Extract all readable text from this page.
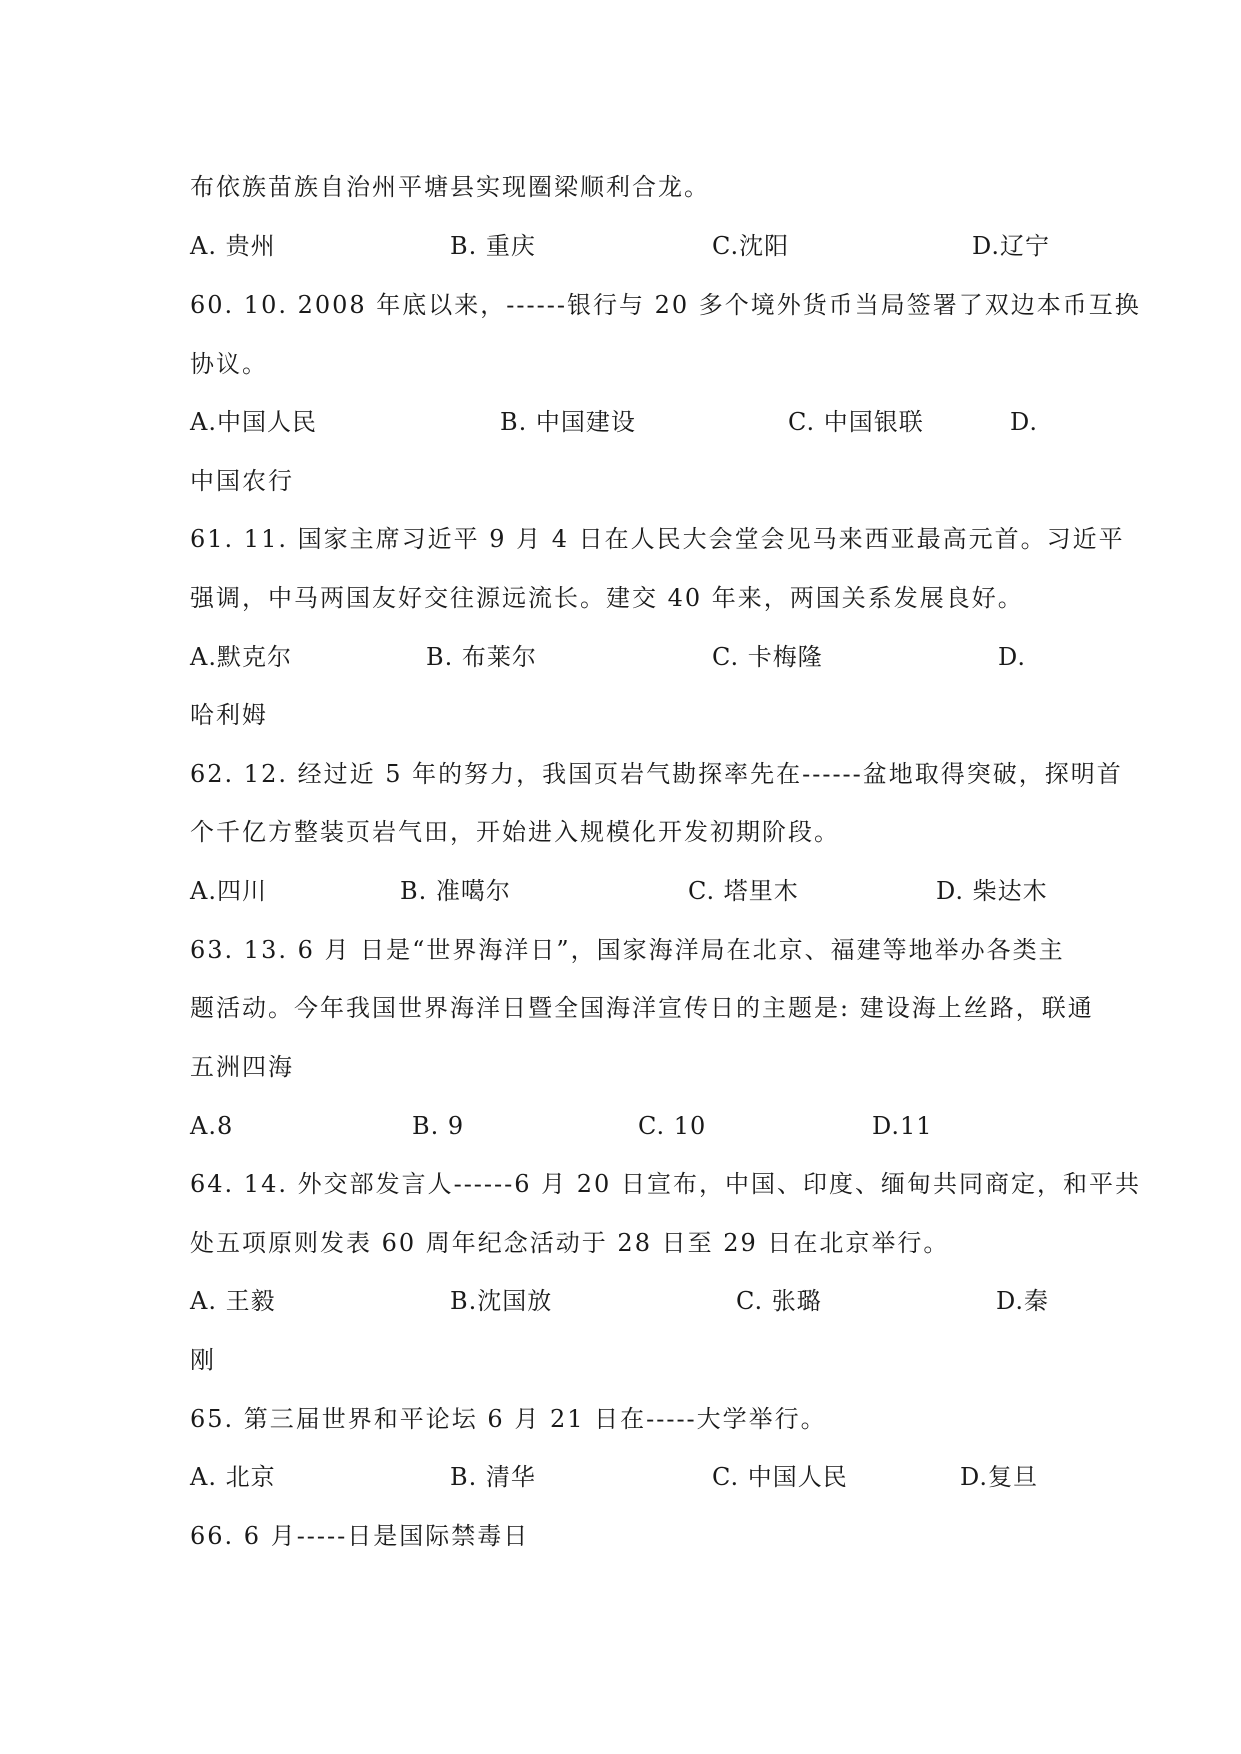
布依族苗族自治州平塘县实现圈梁顺利合龙。
A. 贵州	B. 重庆	C.沈阳	D.辽宁
60. 10. 2008 年底以来，------银行与 20 多个境外货币当局签署了双边本币互换
协议。
A.中国人民	B. 中国建设	C. 中国银联	D.
中国农行
61. 11. 国家主席习近平 9 月 4 日在人民大会堂会见马来西亚最高元首。习近平
强调，中马两国友好交往源远流长。建交 40 年来，两国关系发展良好。
A.默克尔	B. 布莱尔	C. 卡梅隆	D.
哈利姆
62. 12. 经过近 5 年的努力，我国页岩气勘探率先在------盆地取得突破，探明首
个千亿方整装页岩气田，开始进入规模化开发初期阶段。
A.四川	B. 准噶尔	C. 塔里木	D. 柴达木
63. 13. 6 月 日是“世界海洋日”，国家海洋局在北京、福建等地举办各类主
题活动。今年我国世界海洋日暨全国海洋宣传日的主题是: 建设海上丝路，联通
五洲四海
A.8	B. 9	C. 10	D.11
64. 14. 外交部发言人------6 月 20 日宣布，中国、印度、缅甸共同商定，和平共
处五项原则发表 60 周年纪念活动于 28 日至 29 日在北京举行。
A. 王毅	B.沈国放	C. 张璐	D.秦
刚
65. 第三届世界和平论坛 6 月 21 日在-----大学举行。
A. 北京	B. 清华	C. 中国人民	D.复旦
66. 6 月-----日是国际禁毒日
